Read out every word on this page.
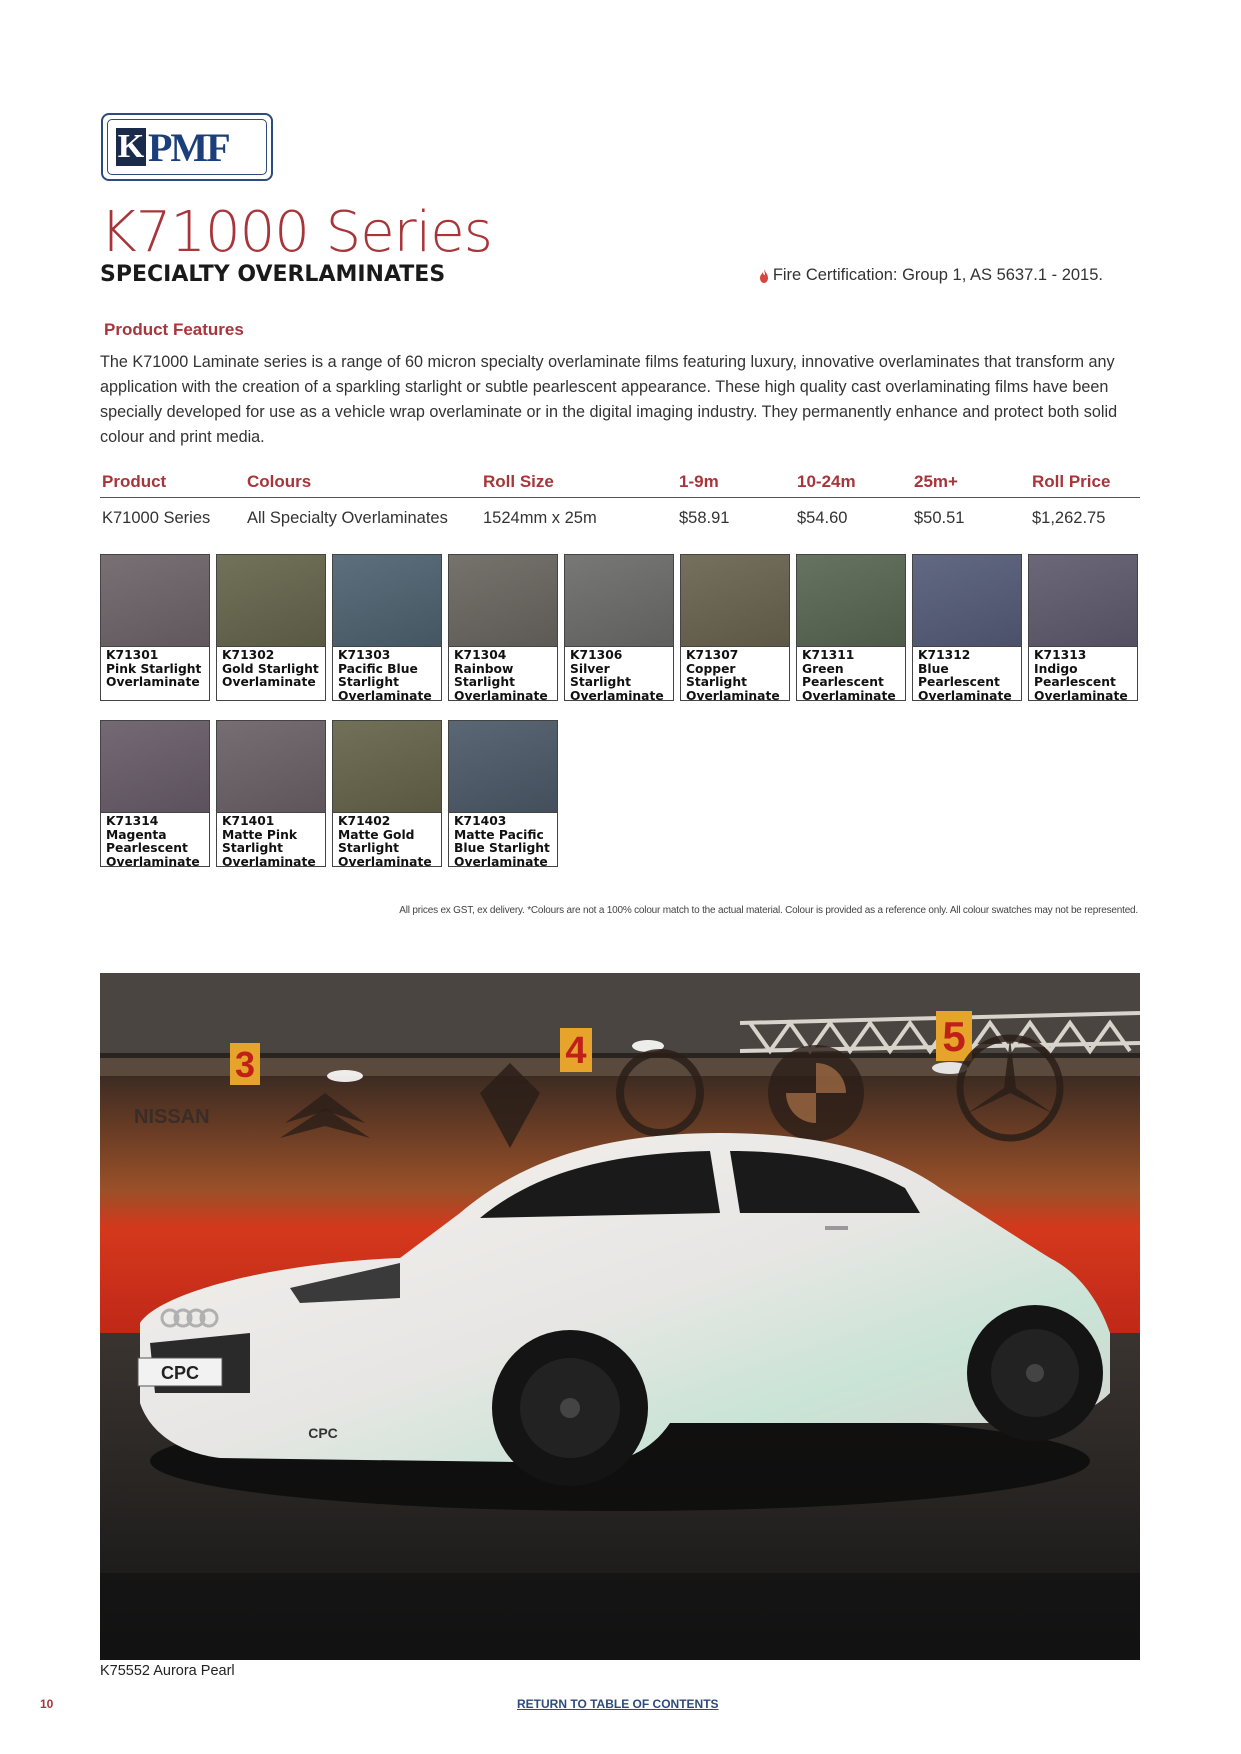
K PMF
K71000 Series
SPECIALTY OVERLAMINATES	Fire Certification: Group 1, AS 5637.1 - 2015.
Product Features
The K71000 Laminate series is a range of 60 micron specialty overlaminate films featuring luxury, innovative overlaminates that transform any application with the creation of a sparkling starlight or subtle pearlescent appearance. These high quality cast overlaminating films have been specially developed for use as a vehicle wrap overlaminate or in the digital imaging industry. They permanently enhance and protect both solid colour and print media.
Product	Colours	Roll Size	1-9m	10-24m	25m+	Roll Price
K71000 Series	All Specialty Overlaminates	1524mm x 25m	$58.91	$54.60	$50.51	$1,262.75
K71301
Pink Starlight Overlaminate
K71302
Gold Starlight Overlaminate
K71303
Pacific Blue Starlight Overlaminate
K71304
Rainbow Starlight Overlaminate
K71306
Silver Starlight Overlaminate
K71307
Copper Starlight Overlaminate
K71311
Green Pearlescent Overlaminate
K71312
Blue Pearlescent Overlaminate
K71313
Indigo Pearlescent Overlaminate
K71314
Magenta Pearlescent Overlaminate
K71401
Matte Pink Starlight Overlaminate
K71402
Matte Gold Starlight Overlaminate
K71403
Matte Pacific Blue Starlight Overlaminate
All prices ex GST, ex delivery. *Colours are not a 100% colour match to the actual material. Colour is provided as a reference only. All colour swatches may not be represented.
3	4	5
NISSAN
CPC
CPC
K75552 Aurora Pearl
10	RETURN TO TABLE OF CONTENTS
